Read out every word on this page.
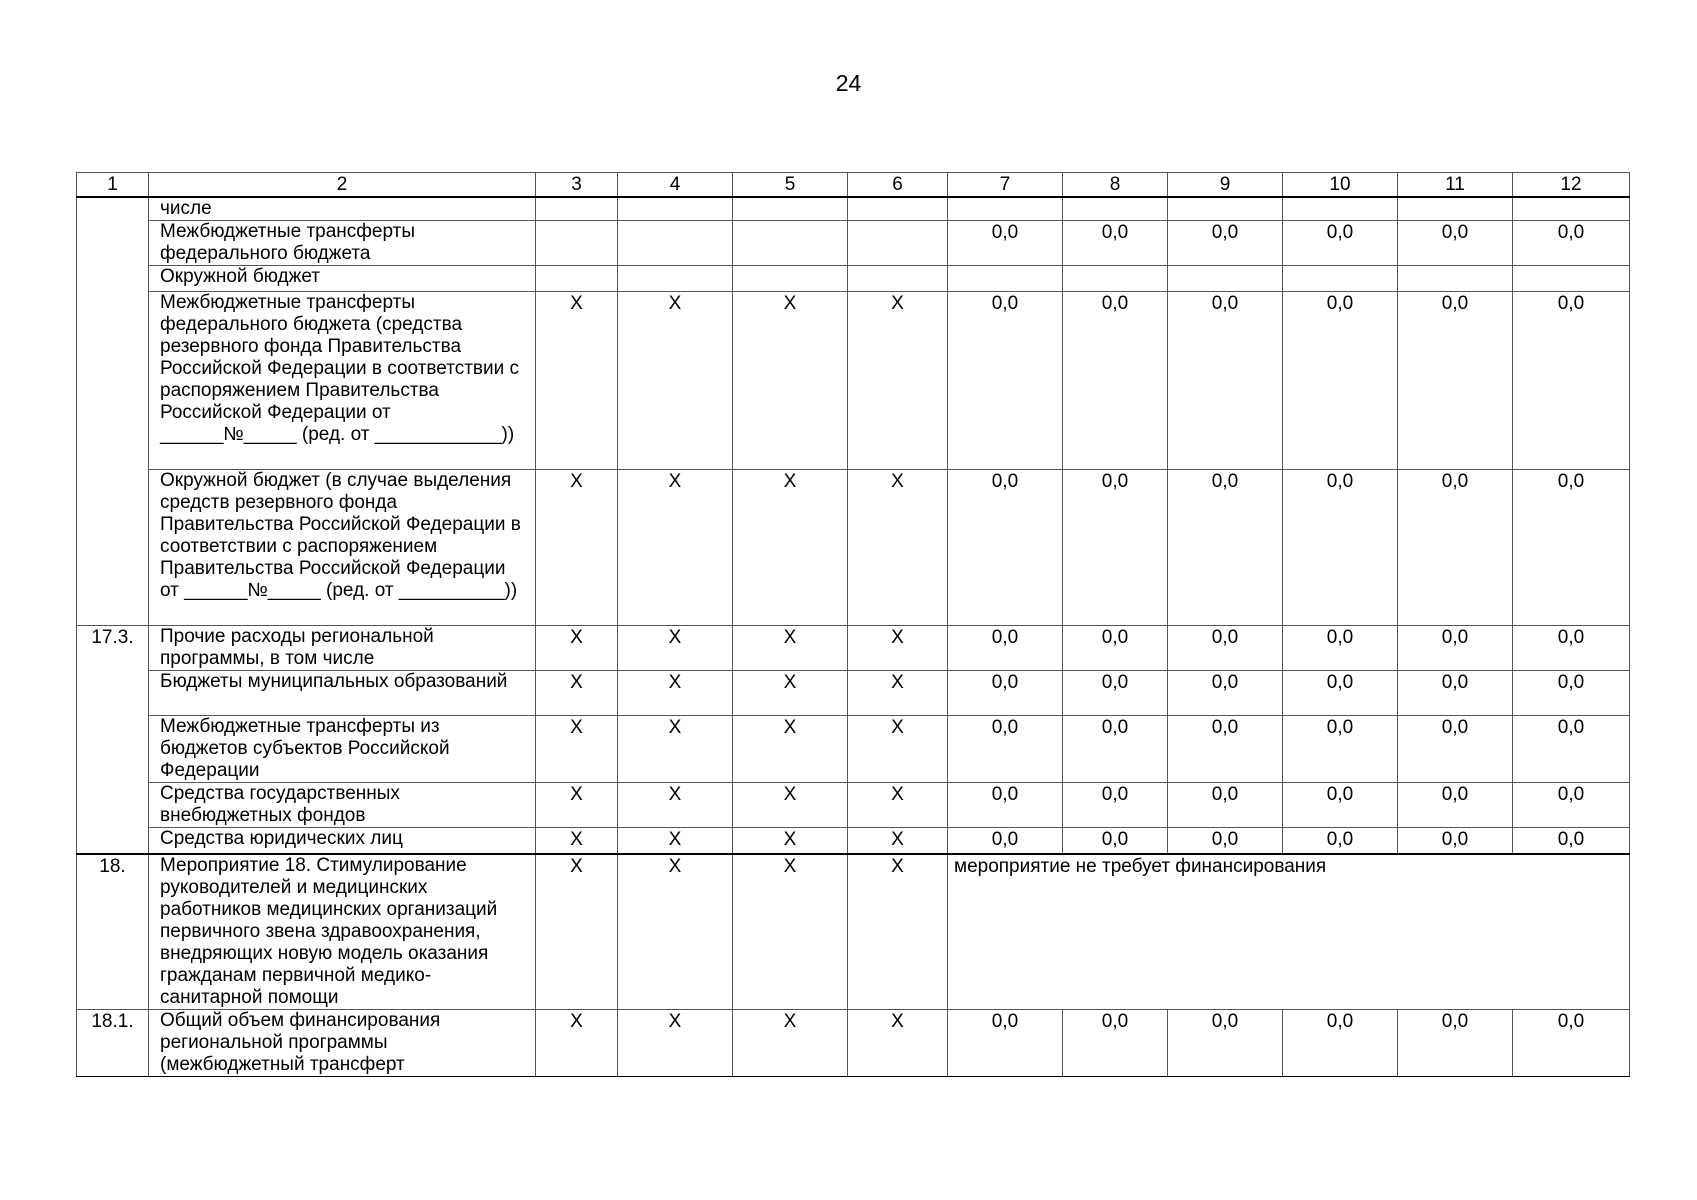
24
1	2	3	4	5	6	7	8	9	10	11	12
	числе										
	Межбюджетные трансферты федерального бюджета					0,0	0,0	0,0	0,0	0,0	0,0
	Окружной бюджет										
	Межбюджетные трансферты федерального бюджета (средства резервного фонда Правительства Российской Федерации в соответствии с распоряжением Правительства Российской Федерации от ______№_____ (ред. от ____________))	X	X	X	X	0,0	0,0	0,0	0,0	0,0	0,0
	Окружной бюджет (в случае выделения средств резервного фонда Правительства Российской Федерации в соответствии с распоряжением Правительства Российской Федерации от ______№_____ (ред. от __________))	X	X	X	X	0,0	0,0	0,0	0,0	0,0	0,0
17.3.	Прочие расходы региональной программы, в том числе	X	X	X	X	0,0	0,0	0,0	0,0	0,0	0,0
	Бюджеты муниципальных образований	X	X	X	X	0,0	0,0	0,0	0,0	0,0	0,0
	Межбюджетные трансферты из бюджетов субъектов Российской Федерации	X	X	X	X	0,0	0,0	0,0	0,0	0,0	0,0
	Средства государственных внебюджетных фондов	X	X	X	X	0,0	0,0	0,0	0,0	0,0	0,0
	Средства юридических лиц	X	X	X	X	0,0	0,0	0,0	0,0	0,0	0,0
18.	Мероприятие 18. Стимулирование руководителей и медицинских работников медицинских организаций первичного звена здравоохранения, внедряющих новую модель оказания гражданам первичной медико-санитарной помощи	X	X	X	X	мероприятие не требует финансирования					
18.1.	Общий объем финансирования региональной программы (межбюджетный трансферт	X	X	X	X	0,0	0,0	0,0	0,0	0,0	0,0
